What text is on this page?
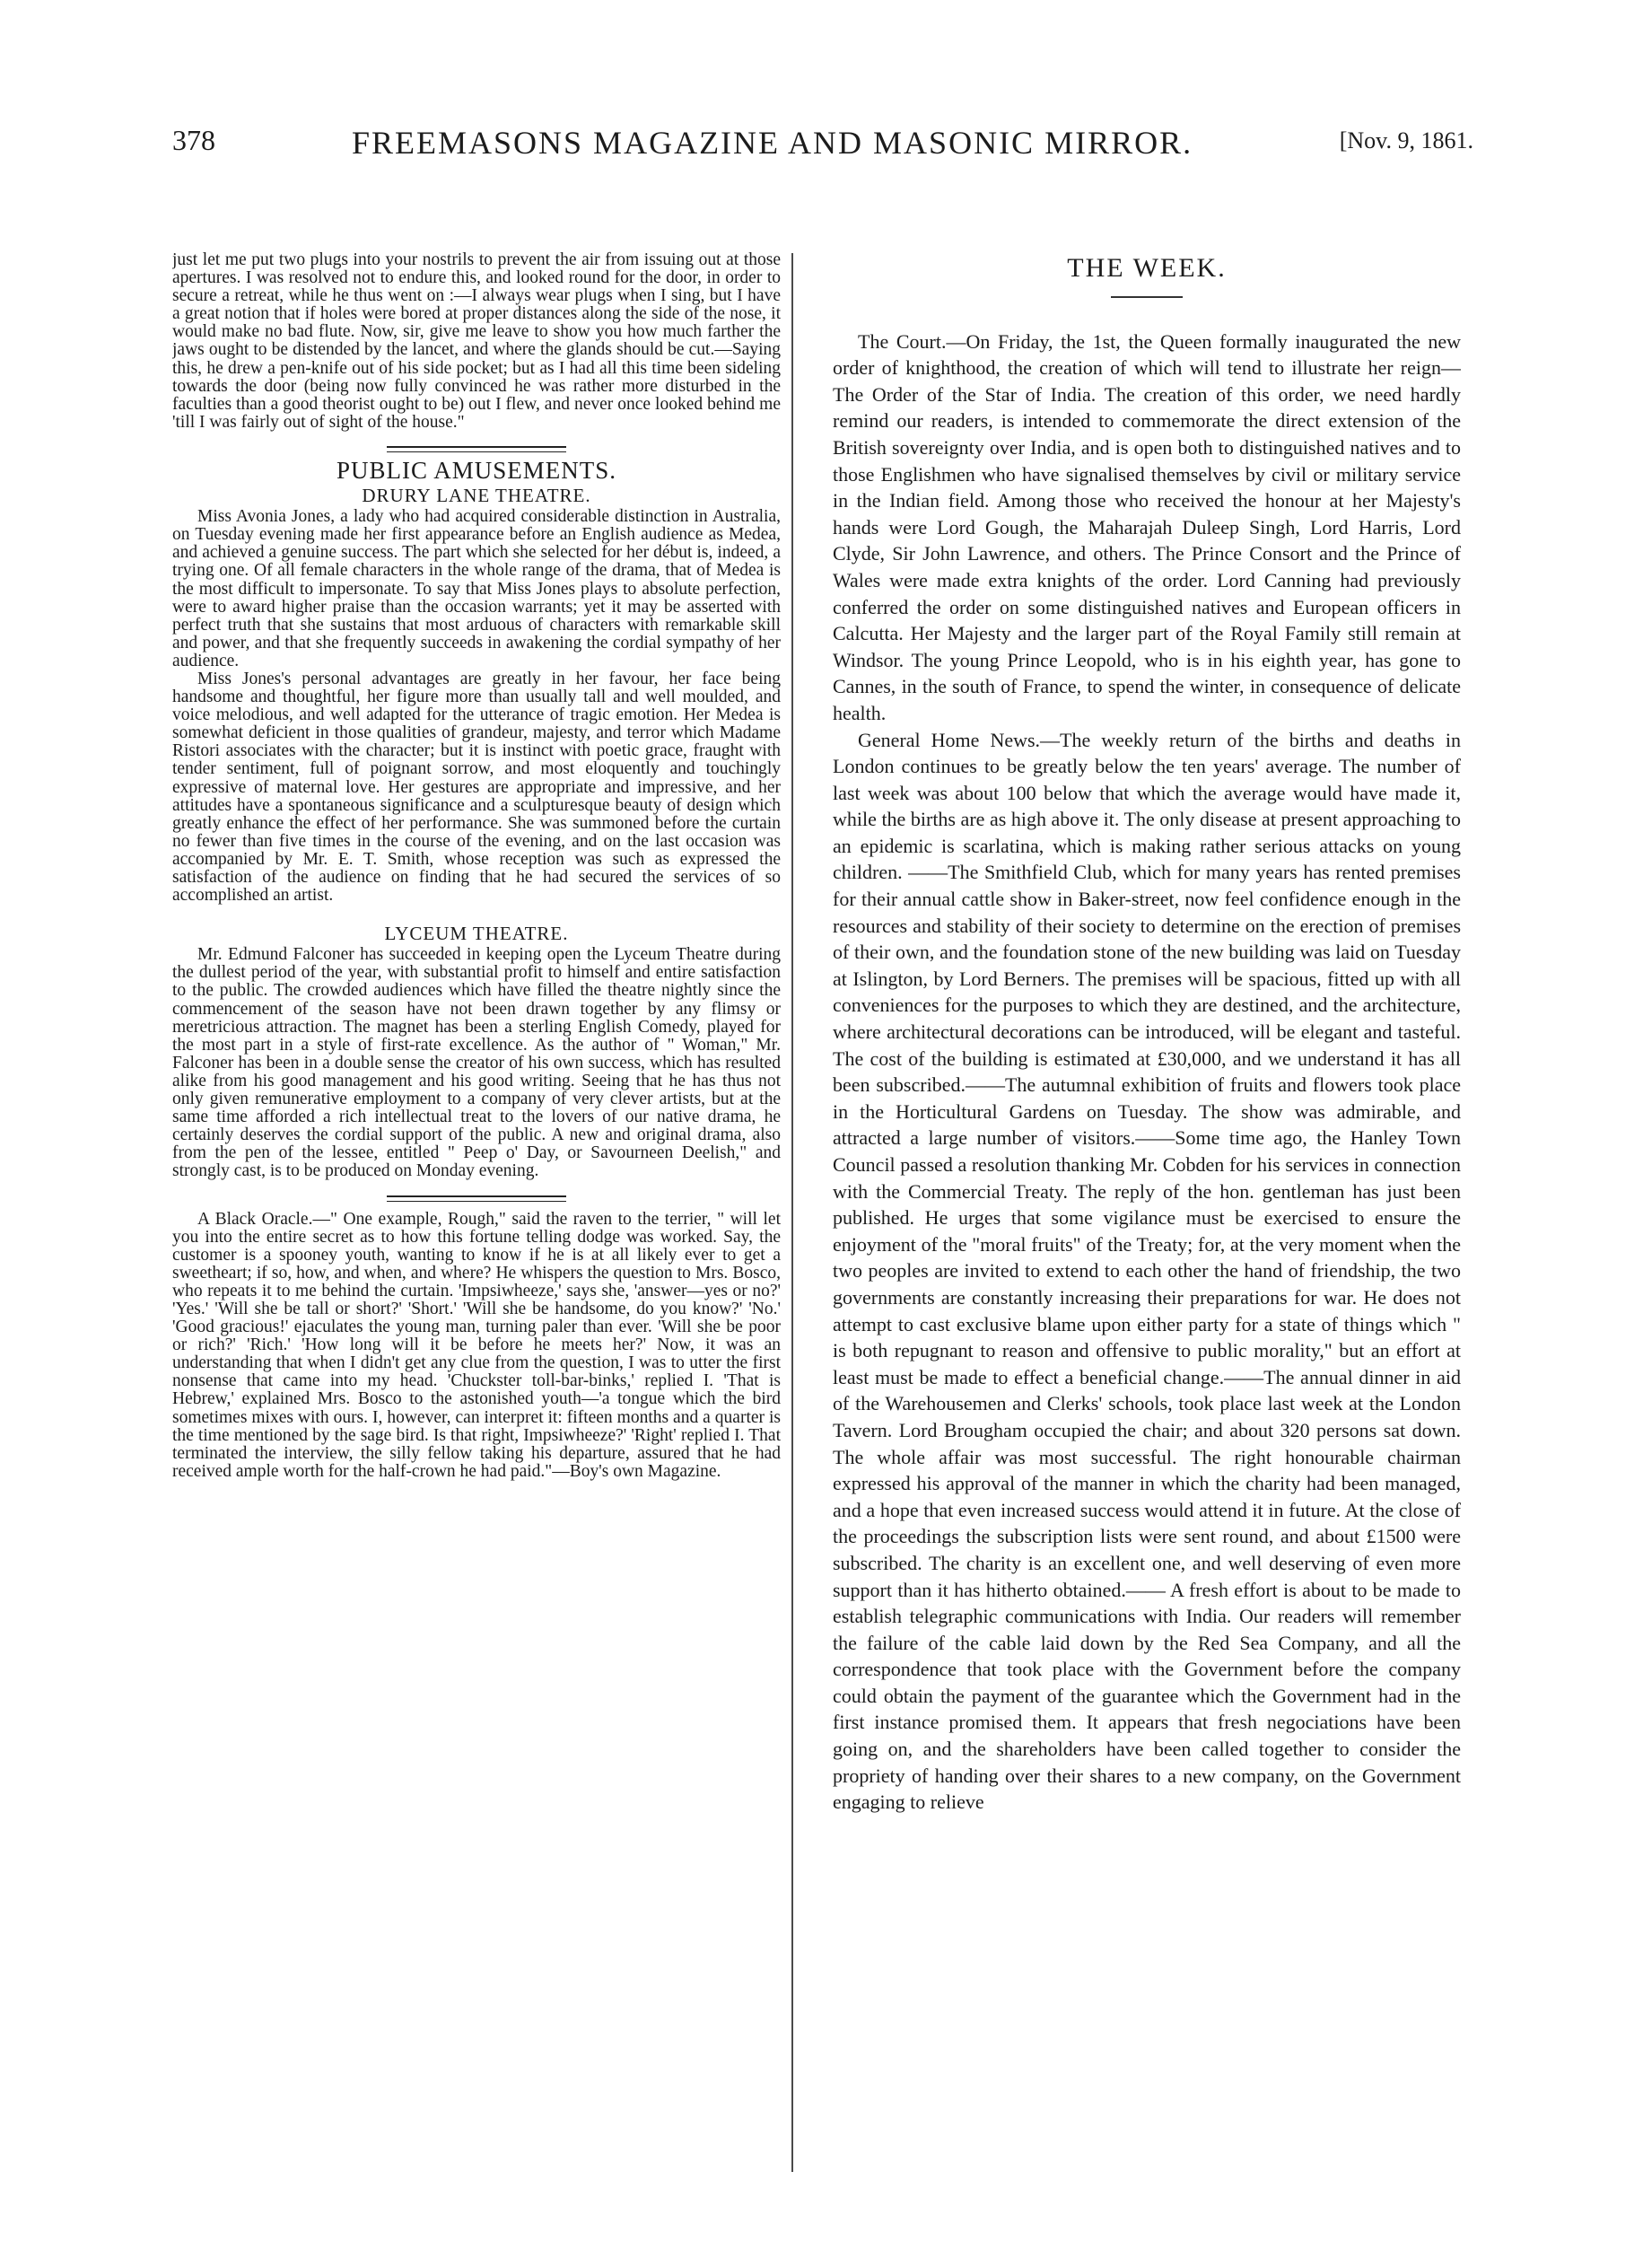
378	FREEMASONS MAGAZINE AND MASONIC MIRROR.	[Nov. 9, 1861.

just let me put two plugs into your nostrils to prevent the air from issuing out at those apertures. I was resolved not to endure this, and looked round for the door, in order to secure a retreat, while he thus went on :—I always wear plugs when I sing, but I have a great notion that if holes were bored at proper distances along the side of the nose, it would make no bad flute. Now, sir, give me leave to show you how much farther the jaws ought to be distended by the lancet, and where the glands should be cut.—Saying this, he drew a pen-knife out of his side pocket; but as I had all this time been sideling towards the door (being now fully convinced he was rather more disturbed in the faculties than a good theorist ought to be) out I flew, and never once looked behind me 'till I was fairly out of sight of the house."

PUBLIC AMUSEMENTS.
DRURY LANE THEATRE.

Miss Avonia Jones, a lady who had acquired considerable distinction in Australia, on Tuesday evening made her first appearance before an English audience as Medea, and achieved a genuine success. The part which she selected for her début is, indeed, a trying one. Of all female characters in the whole range of the drama, that of Medea is the most difficult to impersonate. To say that Miss Jones plays to absolute perfection, were to award higher praise than the occasion warrants; yet it may be asserted with perfect truth that she sustains that most arduous of characters with remarkable skill and power, and that she frequently succeeds in awakening the cordial sympathy of her audience.

Miss Jones's personal advantages are greatly in her favour, her face being handsome and thoughtful, her figure more than usually tall and well moulded, and voice melodious, and well adapted for the utterance of tragic emotion. Her Medea is somewhat deficient in those qualities of grandeur, majesty, and terror which Madame Ristori associates with the character; but it is instinct with poetic grace, fraught with tender sentiment, full of poignant sorrow, and most eloquently and touchingly expressive of maternal love. Her gestures are appropriate and impressive, and her attitudes have a spontaneous significance and a sculpturesque beauty of design which greatly enhance the effect of her performance. She was summoned before the curtain no fewer than five times in the course of the evening, and on the last occasion was accompanied by Mr. E. T. Smith, whose reception was such as expressed the satisfaction of the audience on finding that he had secured the services of so accomplished an artist.

LYCEUM THEATRE.

Mr. Edmund Falconer has succeeded in keeping open the Lyceum Theatre during the dullest period of the year, with substantial profit to himself and entire satisfaction to the public. The crowded audiences which have filled the theatre nightly since the commencement of the season have not been drawn together by any flimsy or meretricious attraction. The magnet has been a sterling English Comedy, played for the most part in a style of first-rate excellence. As the author of " Woman," Mr. Falconer has been in a double sense the creator of his own success, which has resulted alike from his good management and his good writing. Seeing that he has thus not only given remunerative employment to a company of very clever artists, but at the same time afforded a rich intellectual treat to the lovers of our native drama, he certainly deserves the cordial support of the public. A new and original drama, also from the pen of the lessee, entitled " Peep o' Day, or Savourneen Deelish," and strongly cast, is to be produced on Monday evening.

A Black Oracle.—" One example, Rough," said the raven to the terrier, " will let you into the entire secret as to how this fortune telling dodge was worked. Say, the customer is a spooney youth, wanting to know if he is at all likely ever to get a sweetheart; if so, how, and when, and where? He whispers the question to Mrs. Bosco, who repeats it to me behind the curtain. 'Impsiwheeze,' says she, 'answer—yes or no?' 'Yes.' 'Will she be tall or short?' 'Short.' 'Will she be handsome, do you know?' 'No.' 'Good gracious!' ejaculates the young man, turning paler than ever. 'Will she be poor or rich?' 'Rich.' 'How long will it be before he meets her?' Now, it was an understanding that when I didn't get any clue from the question, I was to utter the first nonsense that came into my head. 'Chuckster toll-bar-binks,' replied I. 'That is Hebrew,' explained Mrs. Bosco to the astonished youth—'a tongue which the bird sometimes mixes with ours. I, however, can interpret it: fifteen months and a quarter is the time mentioned by the sage bird. Is that right, Impsiwheeze?' 'Right' replied I. That terminated the interview, the silly fellow taking his departure, assured that he had received ample worth for the half-crown he had paid."—Boy's own Magazine.

THE WEEK.

The Court.—On Friday, the 1st, the Queen formally inaugurated the new order of knighthood, the creation of which will tend to illustrate her reign—The Order of the Star of India. The creation of this order, we need hardly remind our readers, is intended to commemorate the direct extension of the British sovereignty over India, and is open both to distinguished natives and to those Englishmen who have signalised themselves by civil or military service in the Indian field. Among those who received the honour at her Majesty's hands were Lord Gough, the Maharajah Duleep Singh, Lord Harris, Lord Clyde, Sir John Lawrence, and others. The Prince Consort and the Prince of Wales were made extra knights of the order. Lord Canning had previously conferred the order on some distinguished natives and European officers in Calcutta. Her Majesty and the larger part of the Royal Family still remain at Windsor. The young Prince Leopold, who is in his eighth year, has gone to Cannes, in the south of France, to spend the winter, in consequence of delicate health.

General Home News.—The weekly return of the births and deaths in London continues to be greatly below the ten years' average. The number of last week was about 100 below that which the average would have made it, while the births are as high above it. The only disease at present approaching to an epidemic is scarlatina, which is making rather serious attacks on young children. ——The Smithfield Club, which for many years has rented premises for their annual cattle show in Baker-street, now feel confidence enough in the resources and stability of their society to determine on the erection of premises of their own, and the foundation stone of the new building was laid on Tuesday at Islington, by Lord Berners. The premises will be spacious, fitted up with all conveniences for the purposes to which they are destined, and the architecture, where architectural decorations can be introduced, will be elegant and tasteful. The cost of the building is estimated at £30,000, and we understand it has all been subscribed.——The autumnal exhibition of fruits and flowers took place in the Horticultural Gardens on Tuesday. The show was admirable, and attracted a large number of visitors.——Some time ago, the Hanley Town Council passed a resolution thanking Mr. Cobden for his services in connection with the Commercial Treaty. The reply of the hon. gentleman has just been published. He urges that some vigilance must be exercised to ensure the enjoyment of the "moral fruits" of the Treaty; for, at the very moment when the two peoples are invited to extend to each other the hand of friendship, the two governments are constantly increasing their preparations for war. He does not attempt to cast exclusive blame upon either party for a state of things which " is both repugnant to reason and offensive to public morality," but an effort at least must be made to effect a beneficial change.——The annual dinner in aid of the Warehousemen and Clerks' schools, took place last week at the London Tavern. Lord Brougham occupied the chair; and about 320 persons sat down. The whole affair was most successful. The right honourable chairman expressed his approval of the manner in which the charity had been managed, and a hope that even increased success would attend it in future. At the close of the proceedings the subscription lists were sent round, and about £1500 were subscribed. The charity is an excellent one, and well deserving of even more support than it has hitherto obtained.—— A fresh effort is about to be made to establish telegraphic communications with India. Our readers will remember the failure of the cable laid down by the Red Sea Company, and all the correspondence that took place with the Government before the company could obtain the payment of the guarantee which the Government had in the first instance promised them. It appears that fresh negociations have been going on, and the shareholders have been called together to consider the propriety of handing over their shares to a new company, on the Government engaging to relieve
